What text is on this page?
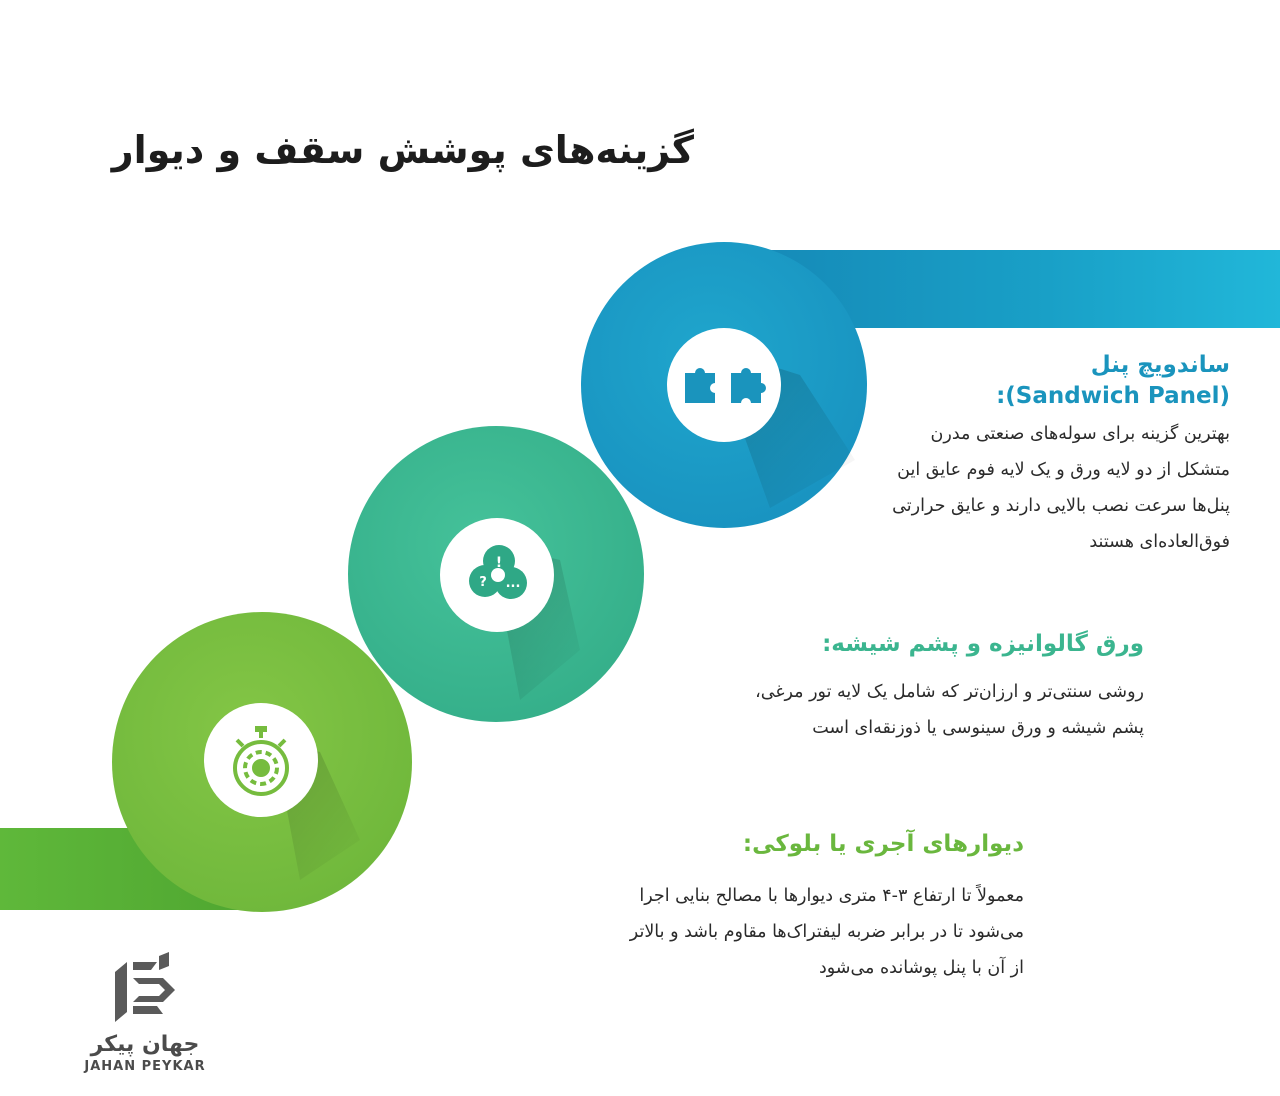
گزینه‌های پوشش سقف و دیوار
!
? ...
ساندویچ پنل
:(Sandwich Panel)

بهترین گزینه برای سوله‌های صنعتی مدرن
متشکل از دو لایه ورق و یک لایه فوم عایق این
پنل‌ها سرعت نصب بالایی دارند و عایق حرارتی
فوق‌العاده‌ای هستند

ورق گالوانیزه و پشم شیشه:

روشی سنتی‌تر و ارزان‌تر که شامل یک لایه تور مرغی،
پشم شیشه و ورق سینوسی یا ذوزنقه‌ای است

دیوارهای آجری یا بلوکی:

معمولاً تا ارتفاع ۳-۴ متری دیوارها با مصالح بنایی اجرا
می‌شود تا در برابر ضربه لیفتراک‌ها مقاوم باشد و بالاتر
از آن با پنل پوشانده می‌شود

جهان پیکر
JAHAN PEYKAR
